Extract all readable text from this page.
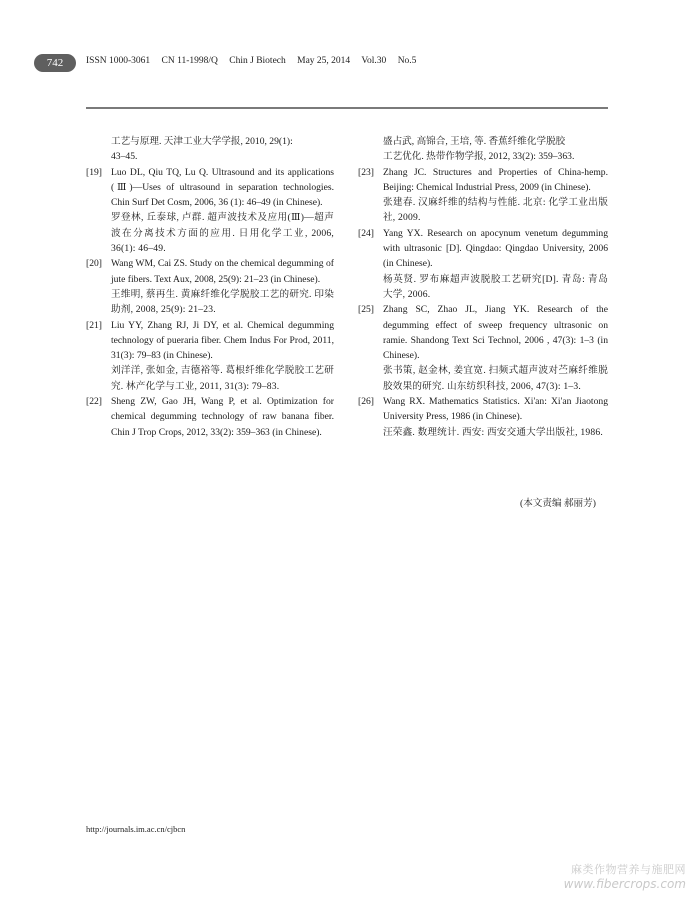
742	ISSN 1000-3061 CN 11-1998/Q Chin J Biotech May 25, 2014 Vol.30 No.5
工艺与原理. 天津工业大学学报, 2010, 29(1):
43–45.
[19] Luo DL, Qiu TQ, Lu Q. Ultrasound and its applications (Ⅲ)—Uses of ultrasound in separation technologies. Chin Surf Det Cosm, 2006, 36 (1): 46–49 (in Chinese).
罗登林, 丘泰球, 卢群. 超声波技术及应用(Ⅲ)—超声波在分离技术方面的应用. 日用化学工业, 2006, 36(1): 46–49.
[20] Wang WM, Cai ZS. Study on the chemical degumming of jute fibers. Text Aux, 2008, 25(9): 21–23 (in Chinese).
王维明, 蔡再生. 黄麻纤维化学脱胶工艺的研究. 印染助剂, 2008, 25(9): 21–23.
[21] Liu YY, Zhang RJ, Ji DY, et al. Chemical degumming technology of pueraria fiber. Chem Indus For Prod, 2011, 31(3): 79–83 (in Chinese).
刘洋洋, 张如金, 吉德裕等. 葛根纤维化学脱胶工艺研究. 林产化学与工业, 2011, 31(3): 79–83.
[22] Sheng ZW, Gao JH, Wang P, et al. Optimization for chemical degumming technology of raw banana fiber. Chin J Trop Crops, 2012, 33(2): 359–363 (in Chinese).
盛占武, 高锦合, 王培, 等. 香蕉纤维化学脱胶
工艺优化. 热带作物学报, 2012, 33(2): 359–363.
[23] Zhang JC. Structures and Properties of China-hemp. Beijing: Chemical Industrial Press, 2009 (in Chinese).
张建春. 汉麻纤维的结构与性能. 北京: 化学工业出版社, 2009.
[24] Yang YX. Research on apocynum venetum degumming with ultrasonic [D]. Qingdao: Qingdao University, 2006 (in Chinese).
杨英贤. 罗布麻超声波脱胶工艺研究[D]. 青岛: 青岛大学, 2006.
[25] Zhang SC, Zhao JL, Jiang YK. Research of the degumming effect of sweep frequency ultrasonic on ramie. Shandong Text Sci Technol, 2006 , 47(3): 1–3 (in Chinese).
张书策, 赵金林, 姜宜宽. 扫频式超声波对苎麻纤维脱胶效果的研究. 山东纺织科技, 2006, 47(3): 1–3.
[26] Wang RX. Mathematics Statistics. Xi'an: Xi'an Jiaotong University Press, 1986 (in Chinese).
汪荣鑫. 数理统计. 西安: 西安交通大学出版社, 1986.
(本文责编 郝丽芳)
http://journals.im.ac.cn/cjbcn
麻类作物营养与施肥网
www.fibercrops.com
